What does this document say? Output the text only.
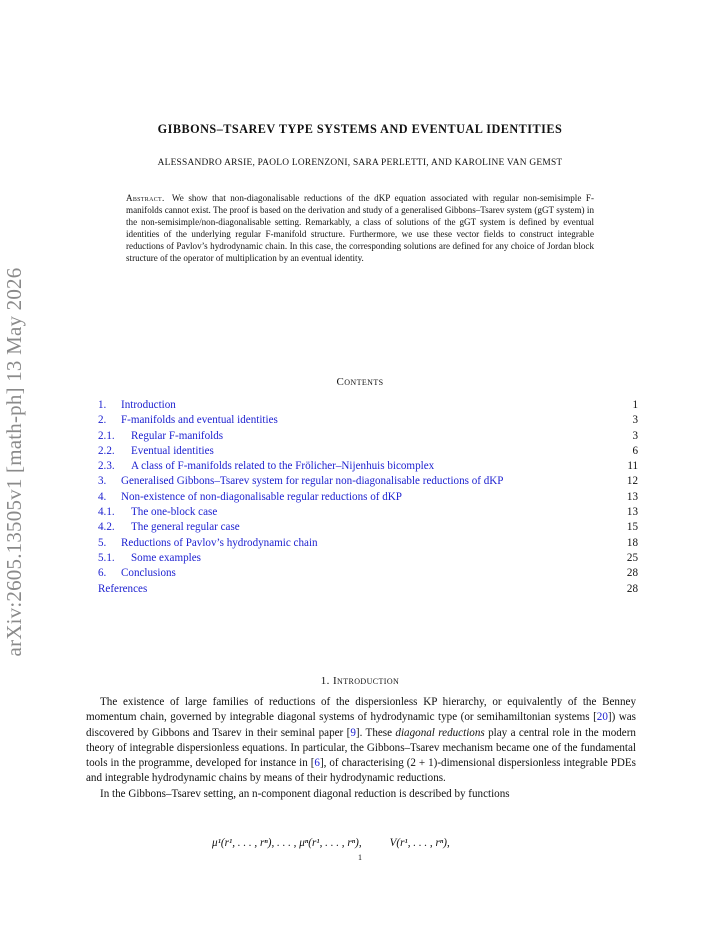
arXiv:2605.13505v1 [math-ph] 13 May 2026
GIBBONS–TSAREV TYPE SYSTEMS AND EVENTUAL IDENTITIES
ALESSANDRO ARSIE, PAOLO LORENZONI, SARA PERLETTI, AND KAROLINE VAN GEMST
Abstract. We show that non-diagonalisable reductions of the dKP equation associated with regular non-semisimple F-manifolds cannot exist. The proof is based on the derivation and study of a generalised Gibbons–Tsarev system (gGT system) in the non-semisimple/non-diagonalisable setting. Remarkably, a class of solutions of the gGT system is defined by eventual identities of the underlying regular F-manifold structure. Furthermore, we use these vector fields to construct integrable reductions of Pavlov’s hydrodynamic chain. In this case, the corresponding solutions are defined for any choice of Jordan block structure of the operator of multiplication by an eventual identity.
Contents
1. Introduction	1
2. F-manifolds and eventual identities	3
2.1. Regular F-manifolds	3
2.2. Eventual identities	6
2.3. A class of F-manifolds related to the Frölicher–Nijenhuis bicomplex	11
3. Generalised Gibbons–Tsarev system for regular non-diagonalisable reductions of dKP	12
4. Non-existence of non-diagonalisable regular reductions of dKP	13
4.1. The one-block case	13
4.2. The general regular case	15
5. Reductions of Pavlov’s hydrodynamic chain	18
5.1. Some examples	25
6. Conclusions	28
References	28
1. Introduction

The existence of large families of reductions of the dispersionless KP hierarchy, or equivalently of the Benney momentum chain, governed by integrable diagonal systems of hydrodynamic type (or semihamiltonian systems [20]) was discovered by Gibbons and Tsarev in their seminal paper [9]. These diagonal reductions play a central role in the modern theory of integrable dispersionless equations. In particular, the Gibbons–Tsarev mechanism became one of the fundamental tools in the programme, developed for instance in [6], of characterising (2 + 1)-dimensional dispersionless integrable PDEs and integrable hydrodynamic chains by means of their hydrodynamic reductions.

In the Gibbons–Tsarev setting, an n-component diagonal reduction is described by functions

μ¹(r¹, . . . , rⁿ), . . . , μⁿ(r¹, . . . , rⁿ),	V(r¹, . . . , rⁿ),
1
